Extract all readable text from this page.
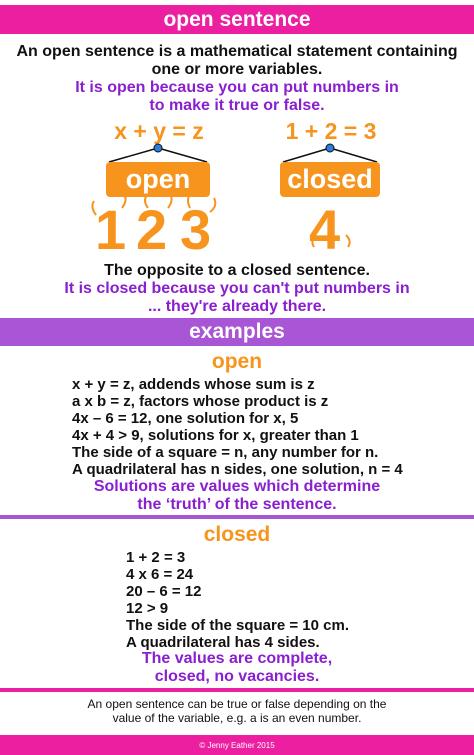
open sentence

An open sentence is a mathematical statement containing

one or more variables.

It is open because you can put numbers in

to make it true or false.

x + y = z	1 + 2 = 3
open	closed
1 2 3 4

The opposite to a closed sentence.

It is closed because you can't put numbers in

... they're already there.

examples

open

x + y = z, addends whose sum is z
a x b = z, factors whose product is z
4x – 6 = 12, one solution for x, 5
4x + 4 > 9, solutions for x, greater than 1
The side of a square = n, any number for n.
A quadrilateral has n sides, one solution, n = 4

Solutions are values which determine

the ‘truth’ of the sentence.

closed

1 + 2 = 3
4 x 6 = 24
20 – 6 = 12
12 > 9
The side of the square = 10 cm.
A quadrilateral has 4 sides.

The values are complete,

closed, no vacancies.

An open sentence can be true or false depending on the

value of the variable, e.g. a is an even number.

© Jenny Eather 2015
